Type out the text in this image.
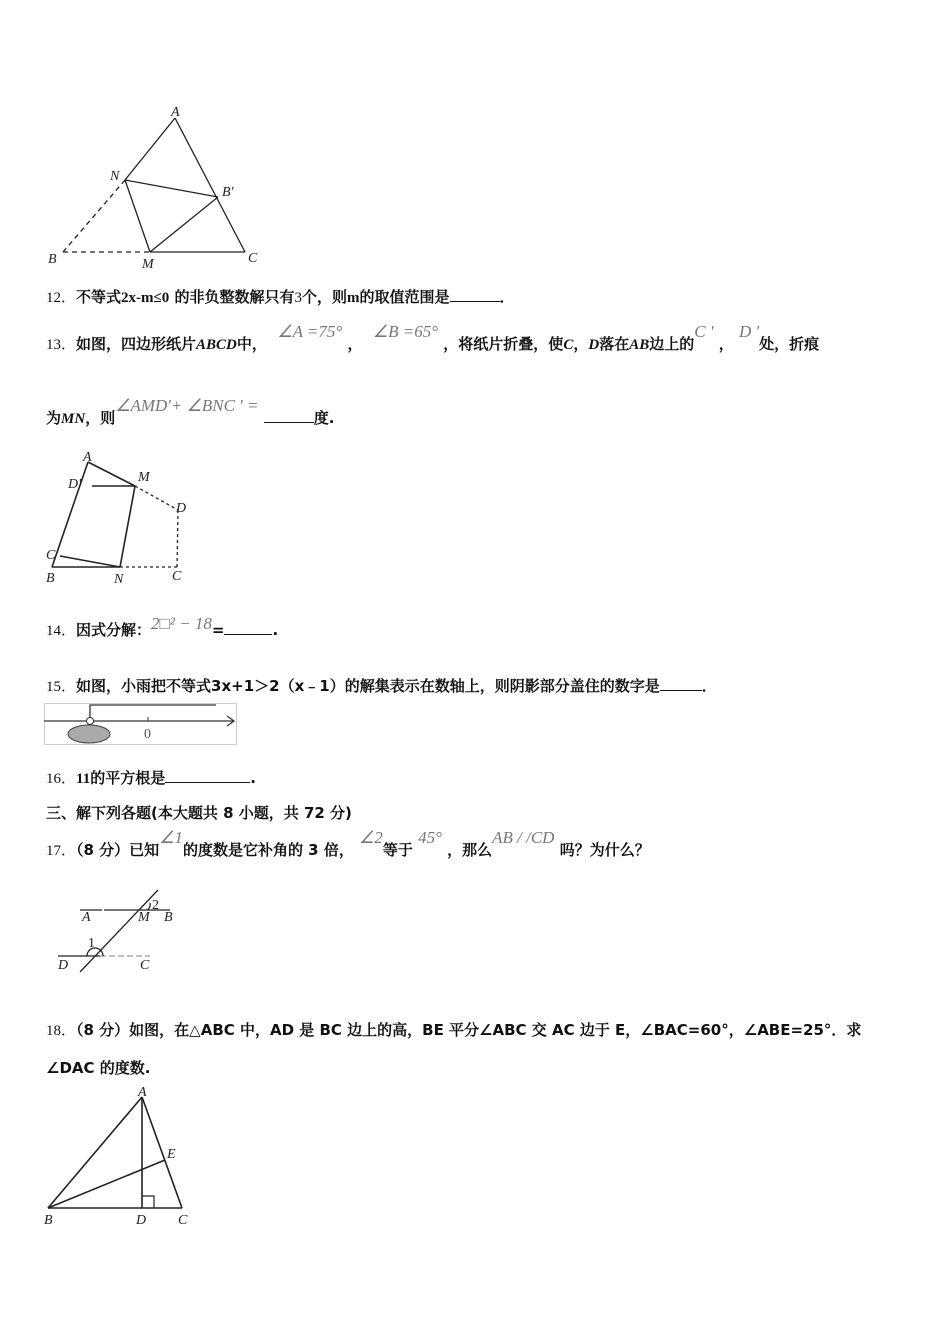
A
N
B'
B	M	C
12．不等式2x-m≤0 的非负整数解只有3个，则m的取值范围是	．
13．如图，四边形纸片ABCD中，  ∠A =75° ，  ∠B =65° ，将纸片折叠，使C，D落在AB边上的C ' ， D '处，折痕
为MN，则∠AMD'+ ∠BNC ' = 度.
A
M
D'
D
C'
B	N	C
14．因式分解：2□² − 18=	.
15．如图，小雨把不等式3x+1＞2（x﹣1）的解集表示在数轴上，则阴影部分盖住的数字是	．
0
16．11的平方根是	.
三、解下列各题(本大题共 8 小题，共 72 分)
17．（8 分）已知∠1的度数是它补角的 3 倍， ∠2等于 45° ，那么AB / /CD 吗？为什么？
A	M B
D	C
1
2
18．（8 分）如图，在△ABC 中，AD 是 BC 边上的高，BE 平分∠ABC 交 AC 边于 E，∠BAC=60°，∠ABE=25°．求
∠DAC 的度数.
A
E
B	D C
